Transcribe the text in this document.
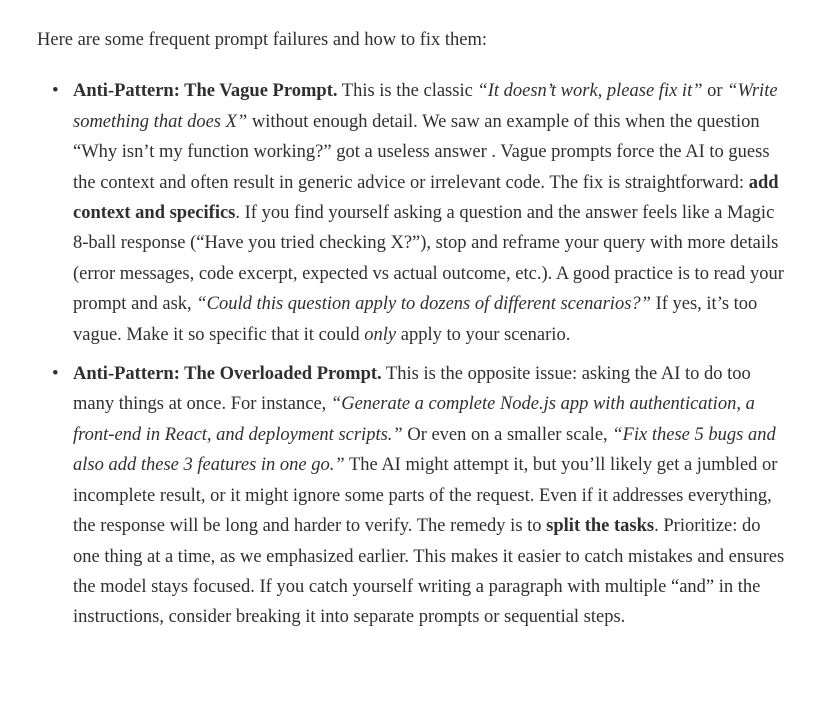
Here are some frequent prompt failures and how to fix them:

• Anti-Pattern: The Vague Prompt. This is the classic “It doesn’t work, please fix it” or “Write something that does X” without enough detail. We saw an example of this when the question “Why isn’t my function working?” got a useless answer . Vague prompts force the AI to guess the context and often result in generic advice or irrelevant code. The fix is straightforward: add context and specifics. If you find yourself asking a question and the answer feels like a Magic 8-ball response (“Have you tried checking X?”), stop and reframe your query with more details (error messages, code excerpt, expected vs actual outcome, etc.). A good practice is to read your prompt and ask, “Could this question apply to dozens of different scenarios?” If yes, it’s too vague. Make it so specific that it could only apply to your scenario.
• Anti-Pattern: The Overloaded Prompt. This is the opposite issue: asking the AI to do too many things at once. For instance, “Generate a complete Node.js app with authentication, a front-end in React, and deployment scripts.” Or even on a smaller scale, “Fix these 5 bugs and also add these 3 features in one go.” The AI might attempt it, but you’ll likely get a jumbled or incomplete result, or it might ignore some parts of the request. Even if it addresses everything, the response will be long and harder to verify. The remedy is to split the tasks. Prioritize: do one thing at a time, as we emphasized earlier. This makes it easier to catch mistakes and ensures the model stays focused. If you catch yourself writing a paragraph with multiple “and” in the instructions, consider breaking it into separate prompts or sequential steps.
